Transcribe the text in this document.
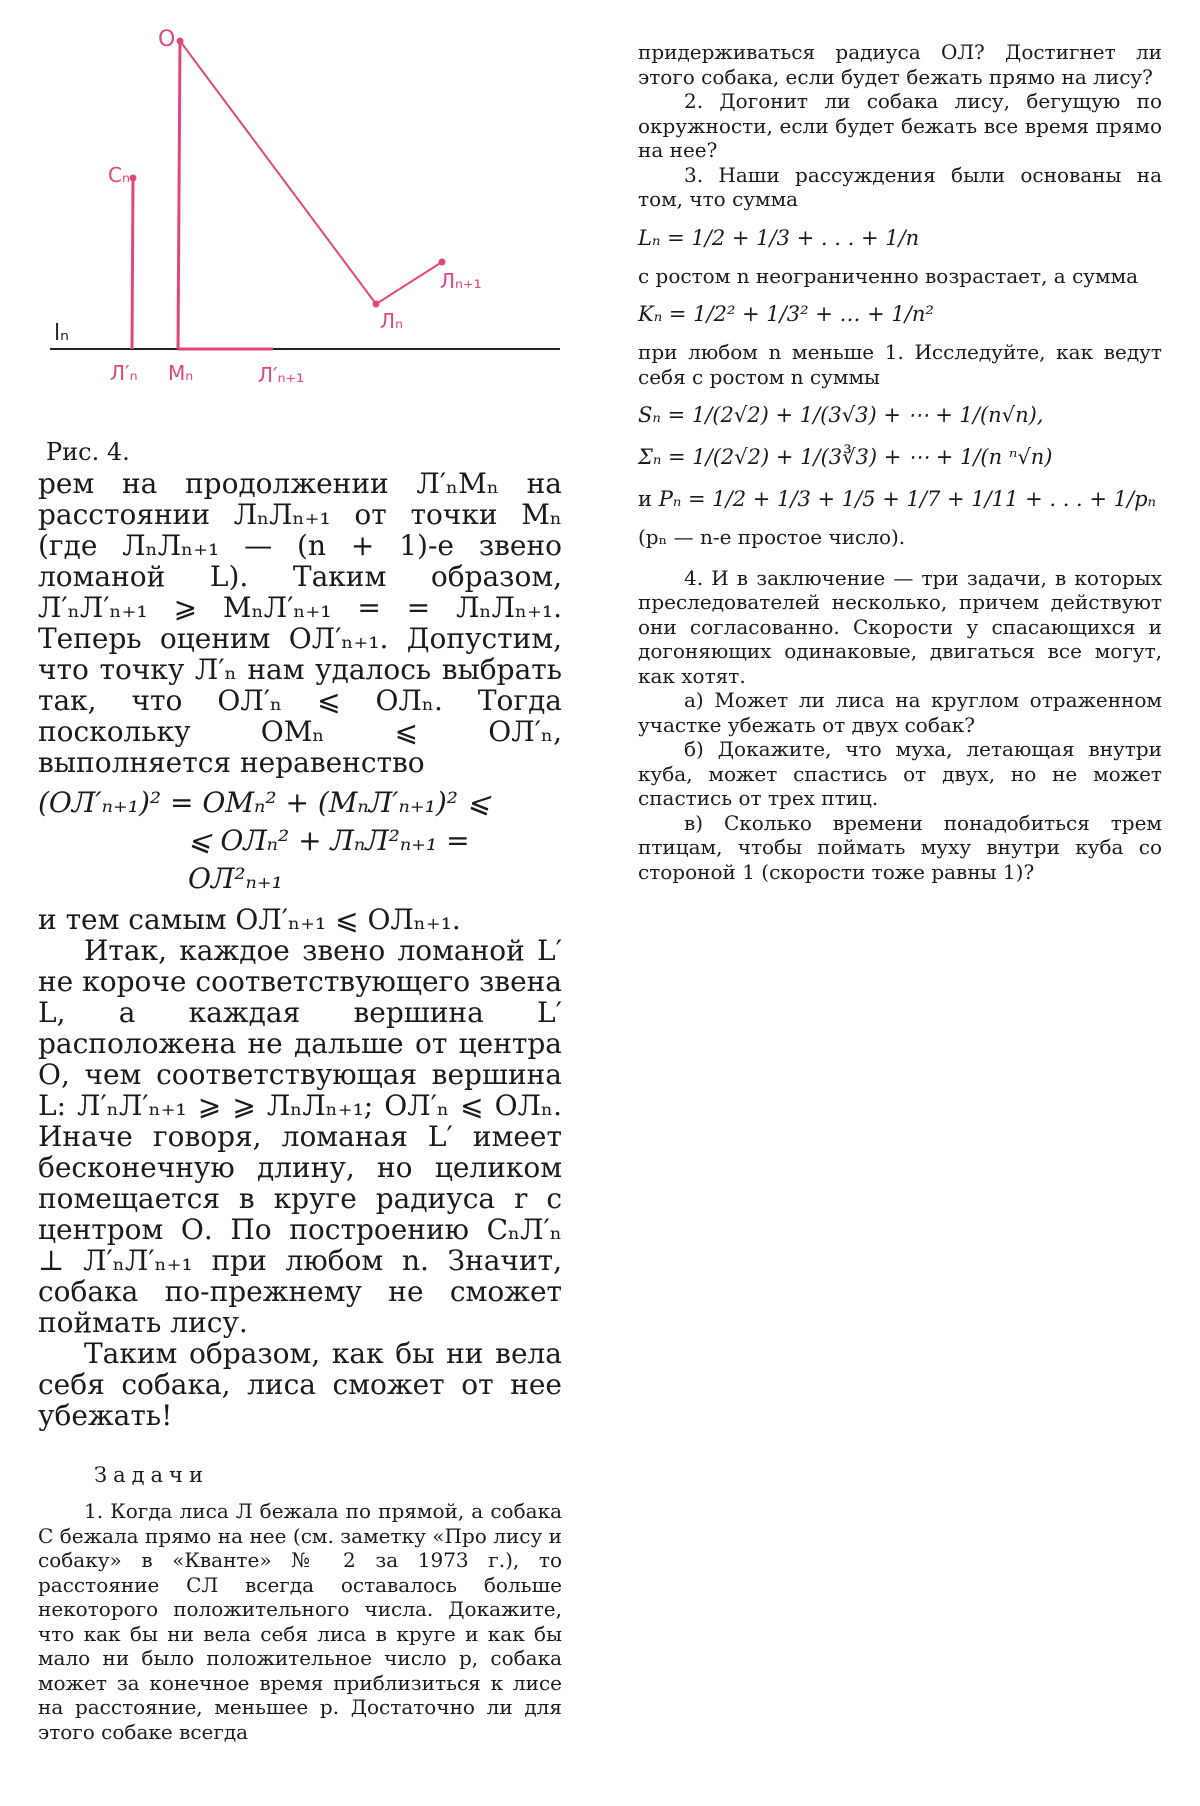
О
Сₙ
Лₙ
Лₙ₊₁
lₙ
Л′ₙ Mₙ	Л′ₙ₊₁
Рис. 4.

рем на продолжении Л′ₙMₙ на расстоянии ЛₙЛₙ₊₁ от точки Mₙ (где ЛₙЛₙ₊₁ — (n + 1)-е звено ломаной L). Таким образом, Л′ₙЛ′ₙ₊₁ ⩾ MₙЛ′ₙ₊₁ = = ЛₙЛₙ₊₁. Теперь оценим ОЛ′ₙ₊₁. Допустим, что точку Л′ₙ нам удалось выбрать так, что ОЛ′ₙ ⩽ ОЛₙ. Тогда поскольку ОMₙ ⩽ ОЛ′ₙ, выполняется неравенство

(ОЛ′ₙ₊₁)² = ОMₙ² + (MₙЛ′ₙ₊₁)² ⩽
⩽ ОЛₙ² + ЛₙЛ²ₙ₊₁ = ОЛ²ₙ₊₁

и тем самым ОЛ′ₙ₊₁ ⩽ ОЛₙ₊₁.

Итак, каждое звено ломаной L′ не короче соответствующего звена L, а каждая вершина L′ расположена не дальше от центра О, чем соответствующая вершина L: Л′ₙЛ′ₙ₊₁ ⩾ ⩾ ЛₙЛₙ₊₁; ОЛ′ₙ ⩽ ОЛₙ. Иначе говоря, ломаная L′ имеет бесконечную длину, но целиком помещается в круге радиуса r с центром О. По построению СₙЛ′ₙ ⊥ Л′ₙЛ′ₙ₊₁ при любом n. Значит, собака по-прежнему не сможет поймать лису.

Таким образом, как бы ни вела себя собака, лиса сможет от нее убежать!

Задачи

1. Когда лиса Л бежала по прямой, а собака С бежала прямо на нее (см. заметку «Про лису и собаку» в «Кванте» № 2 за 1973 г.), то расстояние СЛ всегда оставалось больше некоторого положительного числа. Докажите, что как бы ни вела себя лиса в круге и как бы мало ни было положительное число p, собака может за конечное время приблизиться к лисе на расстояние, меньшее p. Достаточно ли для этого собаке всегда

придерживаться радиуса ОЛ? Достигнет ли этого собака, если будет бежать прямо на лису?

2. Догонит ли собака лису, бегущую по окружности, если будет бежать все время прямо на нее?

3. Наши рассуждения были основаны на том, что сумма

Lₙ = 1/2 + 1/3 + . . . + 1/n

с ростом n неограниченно возрастает, а сумма

Kₙ = 1/2² + 1/3² + … + 1/n²

при любом n меньше 1. Исследуйте, как ведут себя с ростом n суммы

Sₙ = 1/(2√2) + 1/(3√3) + ⋯ + 1/(n√n),
Σₙ = 1/(2√2) + 1/(3∛3) + ⋯ + 1/(n ⁿ√n)
и Pₙ = 1/2 + 1/3 + 1/5 + 1/7 + 1/11 + . . . + 1/pₙ

(pₙ — n-е простое число).

4. И в заключение — три задачи, в которых преследователей несколько, причем действуют они согласованно. Скорости у спасающихся и догоняющих одинаковые, двигаться все могут, как хотят.

а) Может ли лиса на круглом отраженном участке убежать от двух собак?

б) Докажите, что муха, летающая внутри куба, может спастись от двух, но не может спастись от трех птиц.

в) Сколько времени понадобиться трем птицам, чтобы поймать муху внутри куба со стороной 1 (скорости тоже равны 1)?
